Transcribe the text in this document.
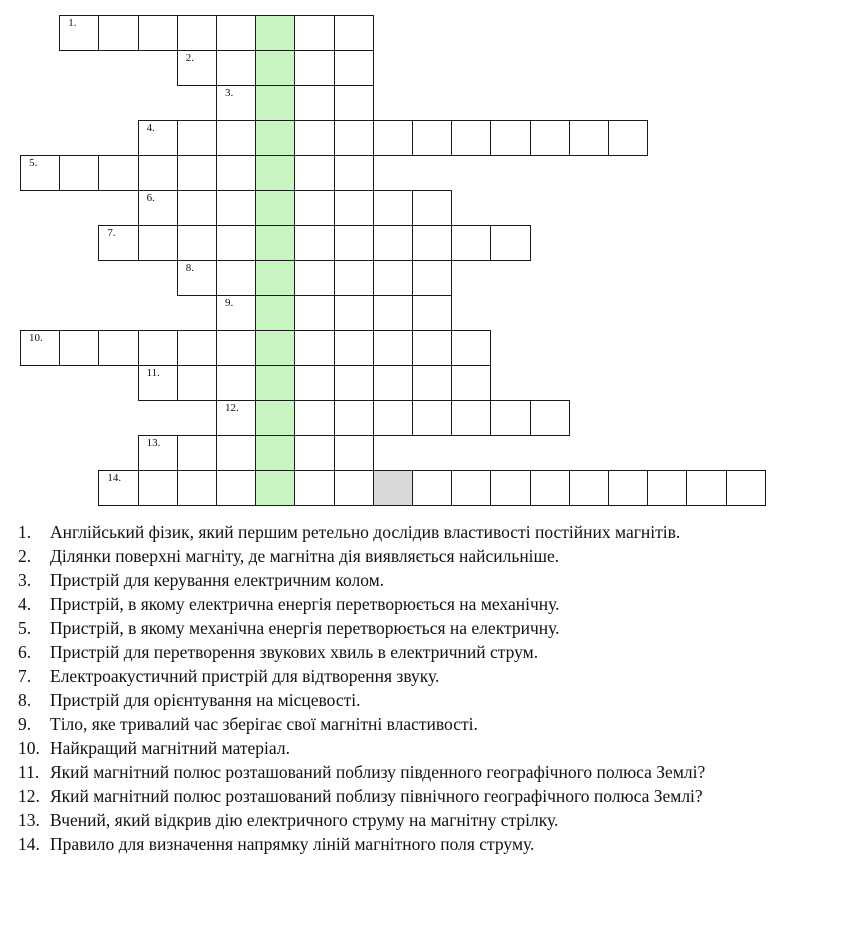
1.
2.
3.
4.
5.
6.
7.
8.
9.
10.
11.
12.
13.
14.
1. Англійський фізик, який першим ретельно дослідив властивості постійних магнітів.
2. Ділянки поверхні магніту, де магнітна дія виявляється найсильніше.
3. Пристрій для керування електричним колом.
4. Пристрій, в якому електрична енергія перетворюється на механічну.
5. Пристрій, в якому механічна енергія перетворюється на електричну.
6. Пристрій для перетворення звукових хвиль в електричний струм.
7. Електроакустичний пристрій для відтворення звуку.
8. Пристрій для орієнтування на місцевості.
9. Тіло, яке тривалий час зберігає свої магнітні властивості.
10. Найкращий магнітний матеріал.
11. Який магнітний полюс розташований поблизу південного географічного полюса Землі?
12. Який магнітний полюс розташований поблизу північного географічного полюса Землі?
13. Вчений, який відкрив дію електричного струму на магнітну стрілку.
14. Правило для визначення напрямку ліній магнітного поля струму.
